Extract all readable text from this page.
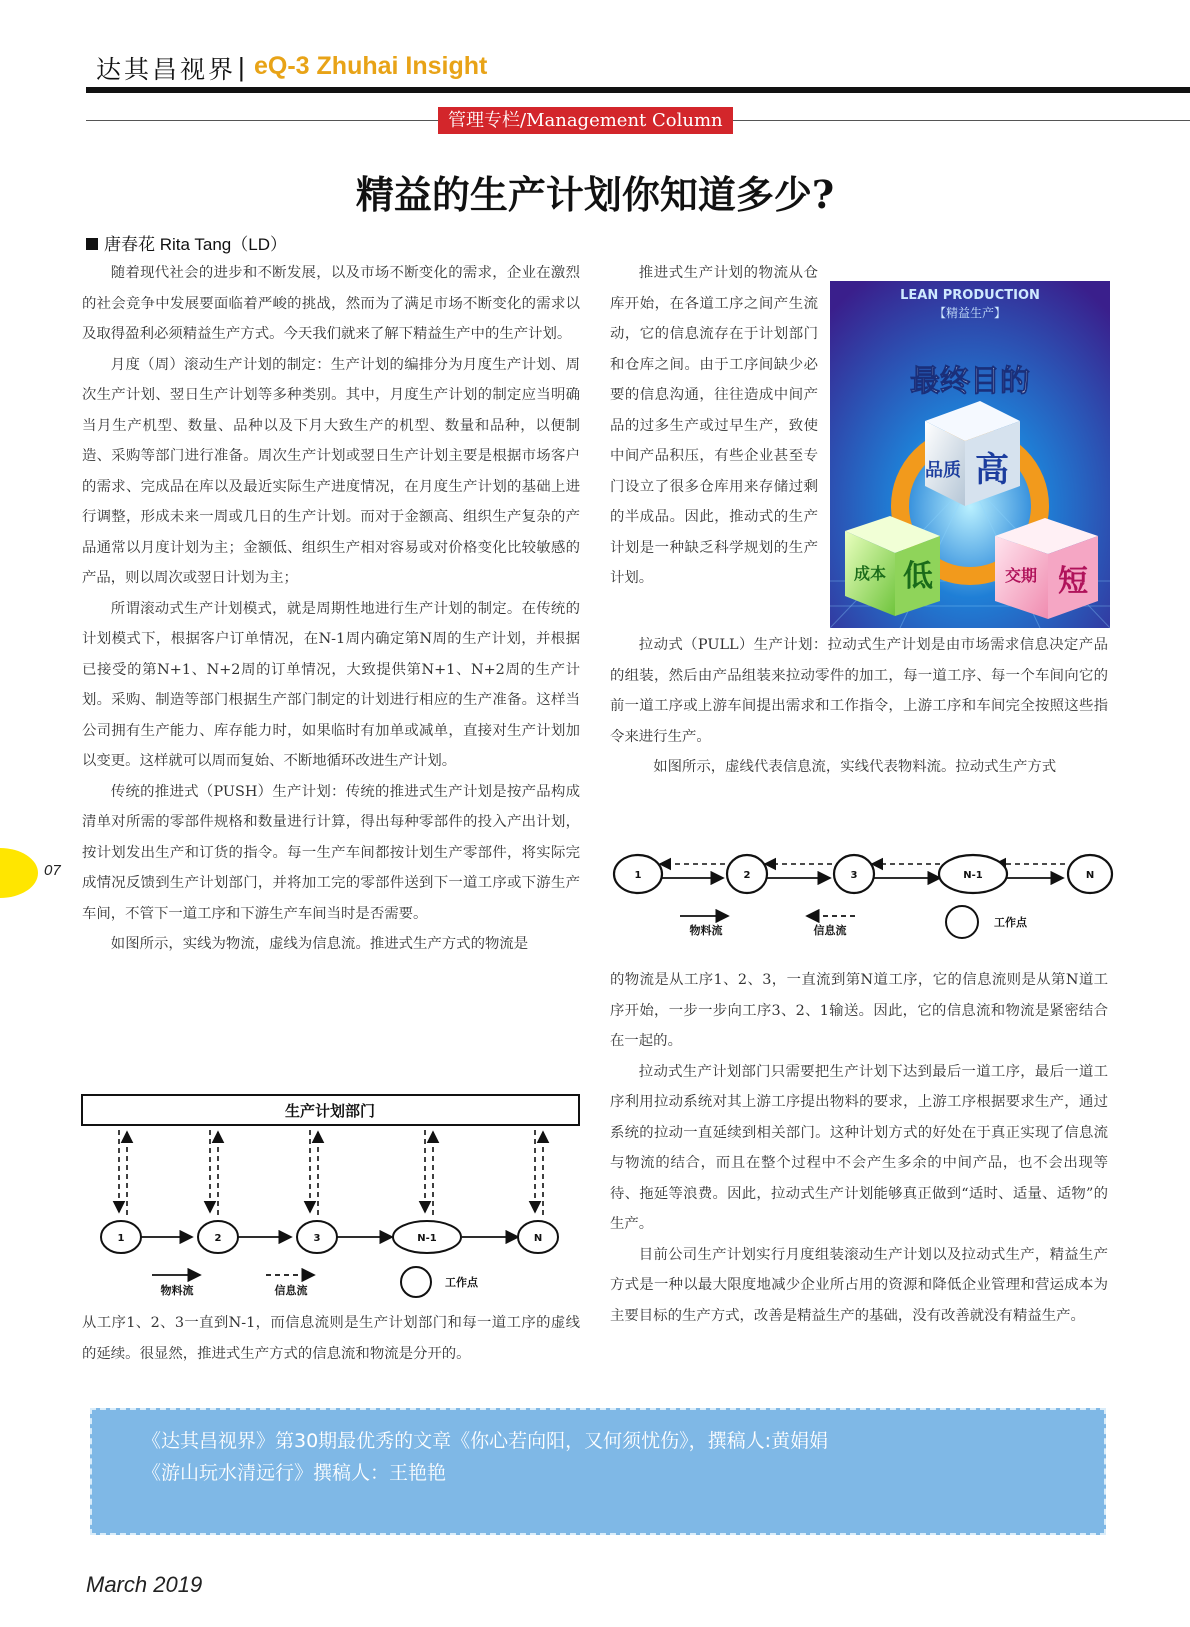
达其昌视界 | eQ-3 Zhuhai Insight
管理专栏/Management Column
精益的生产计划你知道多少?
唐春花 Rita Tang（LD）

随着现代社会的进步和不断发展，以及市场不断变化的需求，企业在激烈的社会竞争中发展要面临着严峻的挑战，然而为了满足市场不断变化的需求以及取得盈利必须精益生产方式。今天我们就来了解下精益生产中的生产计划。

月度（周）滚动生产计划的制定：生产计划的编排分为月度生产计划、周次生产计划、翌日生产计划等多种类别。其中，月度生产计划的制定应当明确当月生产机型、数量、品种以及下月大致生产的机型、数量和品种，以便制造、采购等部门进行准备。周次生产计划或翌日生产计划主要是根据市场客户的需求、完成品在库以及最近实际生产进度情况，在月度生产计划的基础上进行调整，形成未来一周或几日的生产计划。而对于金额高、组织生产复杂的产品通常以月度计划为主；金额低、组织生产相对容易或对价格变化比较敏感的产品，则以周次或翌日计划为主；

所谓滚动式生产计划模式，就是周期性地进行生产计划的制定。在传统的计划模式下，根据客户订单情况，在N-1周内确定第N周的生产计划，并根据已接受的第N+1、N+2周的订单情况，大致提供第N+1、N+2周的生产计划。采购、制造等部门根据生产部门制定的计划进行相应的生产准备。这样当公司拥有生产能力、库存能力时，如果临时有加单或减单，直接对生产计划加以变更。这样就可以周而复始、不断地循环改进生产计划。

传统的推进式（PUSH）生产计划：传统的推进式生产计划是按产品构成清单对所需的零部件规格和数量进行计算，得出每种零部件的投入产出计划，按计划发出生产和订货的指令。每一生产车间都按计划生产零部件，将实际完成情况反馈到生产计划部门，并将加工完的零部件送到下一道工序或下游生产车间，不管下一道工序和下游生产车间当时是否需要。

如图所示，实线为物流，虚线为信息流。推进式生产方式的物流是

生产计划部门
1	2	3	N-1	N
物料流	信息流
工作点

从工序1、2、3一直到N-1，而信息流则是生产计划部门和每一道工序的虚线的延续。很显然，推进式生产方式的信息流和物流是分开的。

推进式生产计划的物流从仓库开始，在各道工序之间产生流动，它的信息流存在于计划部门和仓库之间。由于工序间缺少必要的信息沟通，往往造成中间产品的过多生产或过早生产，致使中间产品积压，有些企业甚至专门设立了很多仓库用来存储过剩的半成品。因此，推动式的生产计划是一种缺乏科学规划的生产计划。

LEAN PRODUCTION
【精益生产】
最终目的
品质 高
成本 低	交期 短

拉动式（PULL）生产计划：拉动式生产计划是由市场需求信息决定产品的组装，然后由产品组装来拉动零件的加工，每一道工序、每一个车间向它的前一道工序或上游车间提出需求和工作指令，上游工序和车间完全按照这些指令来进行生产。

如图所示，虚线代表信息流，实线代表物料流。拉动式生产方式

1	2	3	N-1	N
物料流	信息流
工作点

的物流是从工序1、2、3，一直流到第N道工序，它的信息流则是从第N道工序开始，一步一步向工序3、2、1输送。因此，它的信息流和物流是紧密结合在一起的。

拉动式生产计划部门只需要把生产计划下达到最后一道工序，最后一道工序利用拉动系统对其上游工序提出物料的要求，上游工序根据要求生产，通过系统的拉动一直延续到相关部门。这种计划方式的好处在于真正实现了信息流与物流的结合，而且在整个过程中不会产生多余的中间产品，也不会出现等待、拖延等浪费。因此，拉动式生产计划能够真正做到“适时、适量、适物”的生产。

目前公司生产计划实行月度组装滚动生产计划以及拉动式生产，精益生产方式是一种以最大限度地减少企业所占用的资源和降低企业管理和营运成本为主要目标的生产方式，改善是精益生产的基础，没有改善就没有精益生产。

07
《达其昌视界》第30期最优秀的文章《你心若向阳，又何须忧伤》，撰稿人:黄娟娟
《游山玩水清远行》撰稿人：王艳艳
March 2019
